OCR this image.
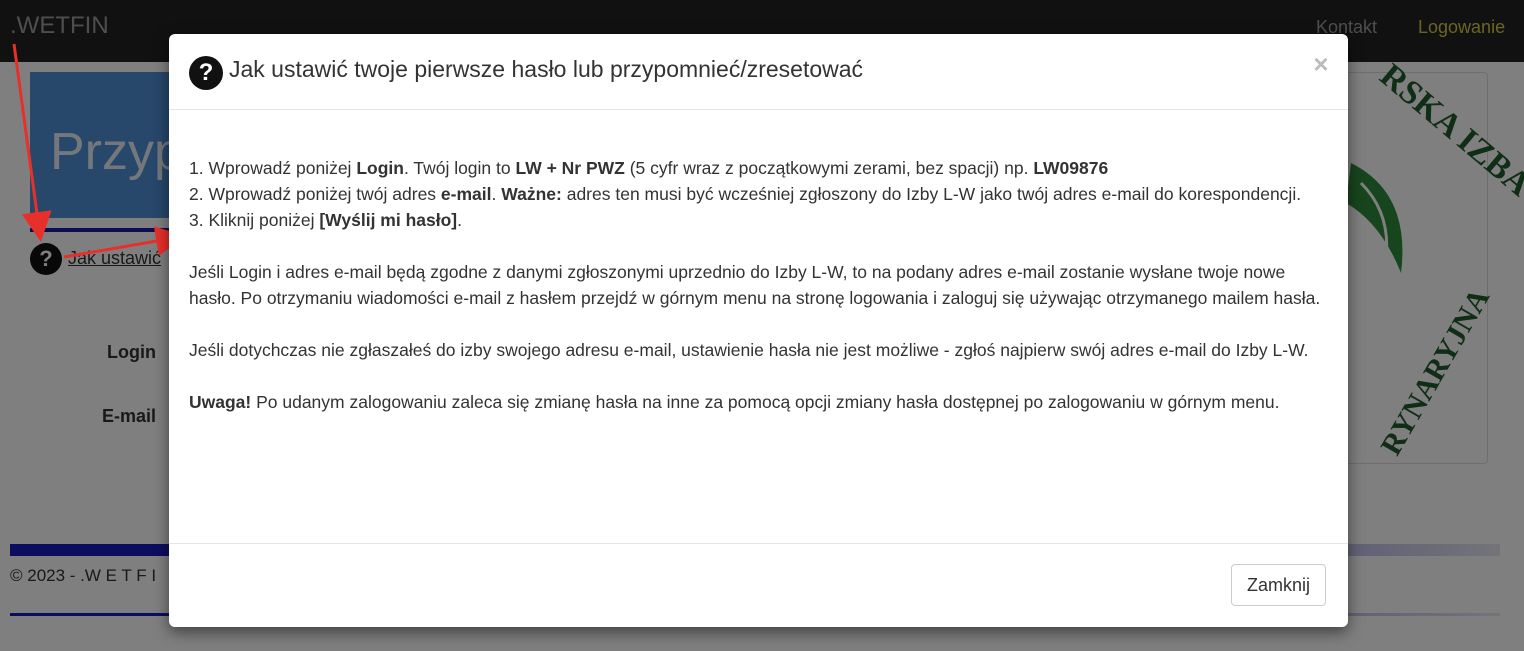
? Jak ustawić twoje pierwsze hasło lub przypomnieć/zresetować	×

1. Wprowadź poniżej Login. Twój login to LW + Nr PWZ (5 cyfr wraz z początkowymi zerami, bez spacji) np. LW09876

2. Wprowadź poniżej twój adres e-mail. Ważne: adres ten musi być wcześniej zgłoszony do Izby L-W jako twój adres e-mail do korespondencji.

3. Kliknij poniżej [Wyślij mi hasło].

Jeśli Login i adres e-mail będą zgodne z danymi zgłoszonymi uprzednio do Izby L-W, to na podany adres e-mail zostanie wysłane twoje nowe hasło. Po otrzymaniu wiadomości e-mail z hasłem przejdź w górnym menu na stronę logowania i zaloguj się używając otrzymanego mailem hasła.

Jeśli dotychczas nie zgłaszałeś do izby swojego adresu e-mail, ustawienie hasła nie jest możliwe - zgłoś najpierw swój adres e-mail do Izby L-W.

Uwaga! Po udanym zalogowaniu zaleca się zmianę hasła na inne za pomocą opcji zmiany hasła dostępnej po zalogowaniu w górnym menu.

Zamknij
